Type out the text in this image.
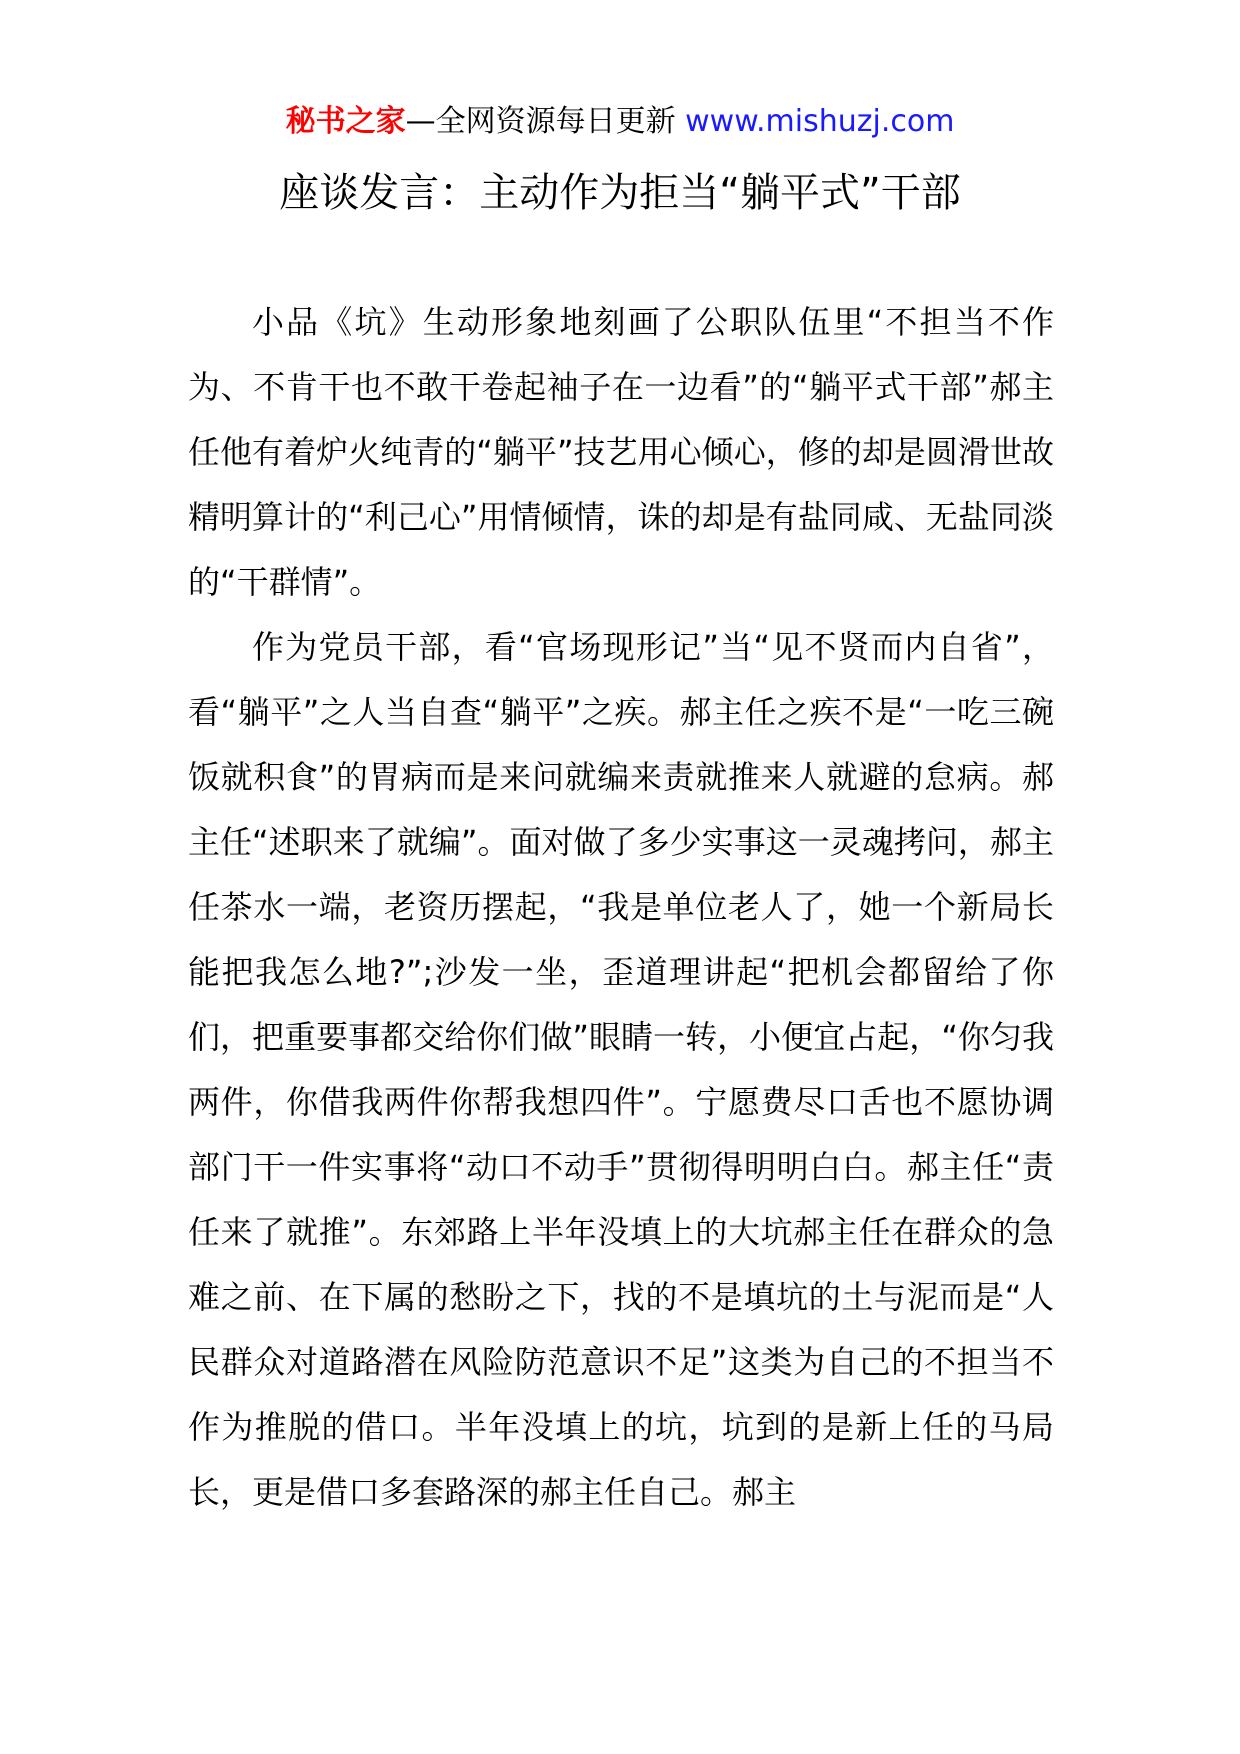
秘书之家—全网资源每日更新 www.mishuzj.com
座谈发言：主动作为拒当“躺平式”干部

小品《坑》生动形象地刻画了公职队伍里“不担当不作为、不肯干也不敢干卷起袖子在一边看”的“躺平式干部”郝主任他有着炉火纯青的“躺平”技艺用心倾心，修的却是圆滑世故精明算计的“利己心”用情倾情，诛的却是有盐同咸、无盐同淡的“干群情”。

作为党员干部，看“官场现形记”当“见不贤而内自省”，看“躺平”之人当自查“躺平”之疾。郝主任之疾不是“一吃三碗饭就积食”的胃病而是来问就编来责就推来人就避的怠病。郝主任“述职来了就编”。面对做了多少实事这一灵魂拷问，郝主任茶水一端，老资历摆起，“我是单位老人了，她一个新局长能把我怎么地?”;沙发一坐，歪道理讲起“把机会都留给了你们，把重要事都交给你们做”眼睛一转，小便宜占起，“你匀我两件，你借我两件你帮我想四件”。宁愿费尽口舌也不愿协调部门干一件实事将“动口不动手”贯彻得明明白白。郝主任“责任来了就推”。东郊路上半年没填上的大坑郝主任在群众的急难之前、在下属的愁盼之下，找的不是填坑的土与泥而是“人民群众对道路潜在风险防范意识不足”这类为自己的不担当不作为推脱的借口。半年没填上的坑，坑到的是新上任的马局长，更是借口多套路深的郝主任自己。郝主
